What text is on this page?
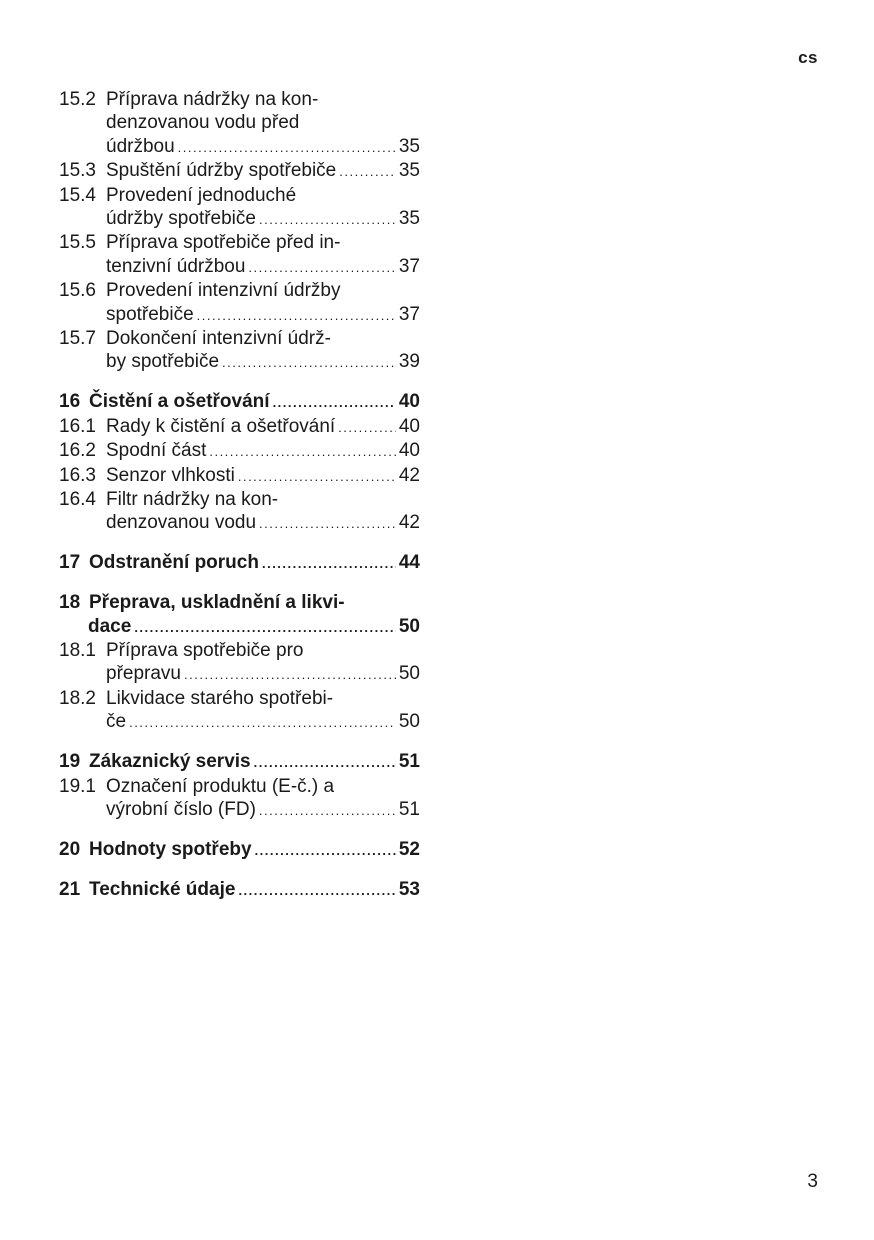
cs
15.2 Příprava nádržky na kon-
denzovanou vodu před
údržbou .....	35
15.3 Spuštění údržby spotřebiče .....	35
15.4 Provedení jednoduché
údržby spotřebiče .....	35
15.5 Příprava spotřebiče před in-
tenzivní údržbou .....	37
15.6 Provedení intenzivní údržby
spotřebiče .....	37
15.7 Dokončení intenzivní údrž-
by spotřebiče .....	39
16 Čistění a ošetřování .....	40
16.1 Rady k čistění a ošetřování .....	40
16.2 Spodní část .....	40
16.3 Senzor vlhkosti .....	42
16.4 Filtr nádržky na kon-
denzovanou vodu .....	42
17 Odstranění poruch .....	44
18 Přeprava, uskladnění a likvi-
dace .....	50
18.1 Příprava spotřebiče pro
přepravu .....	50
18.2 Likvidace starého spotřebi-
če .....	50
19 Zákaznický servis .....	51
19.1 Označení produktu (E-č.) a
výrobní číslo (FD) .....	51
20 Hodnoty spotřeby .....	52
21 Technické údaje .....	53
3
